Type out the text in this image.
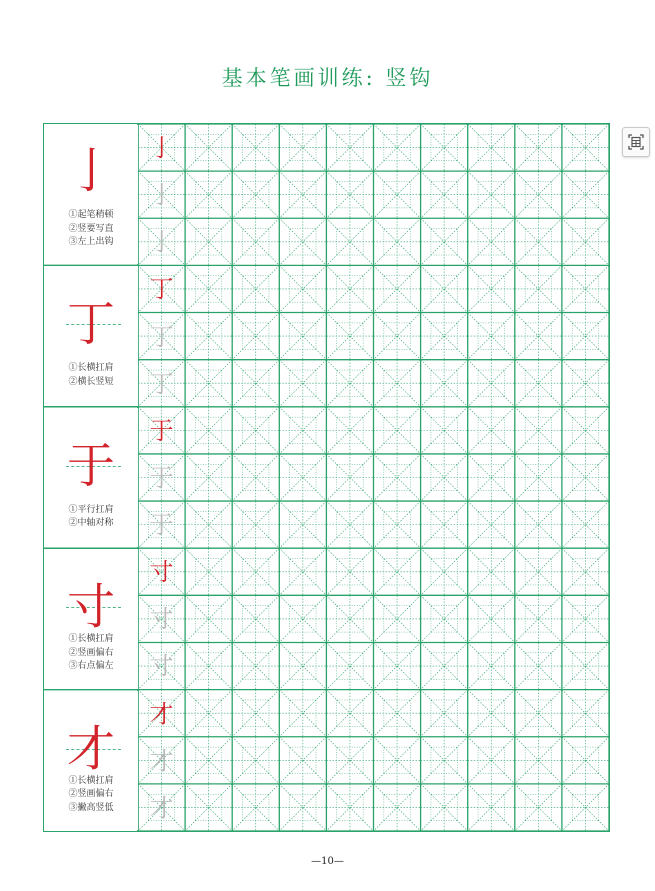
基本笔画训练: 竖钩
亅
①起笔稍顿
②竖要写直
③左上出钩
亅
亅
亅
丁
①长横扛肩
②横长竖短
丁
丁
丁
于
①平行扛肩
②中轴对称
于
于
于
寸
①长横扛肩
②竖画偏右
③右点偏左
寸
寸
寸
才
①长横扛肩
②竖画偏右
③撇高竖低
才
才
才
—10—
